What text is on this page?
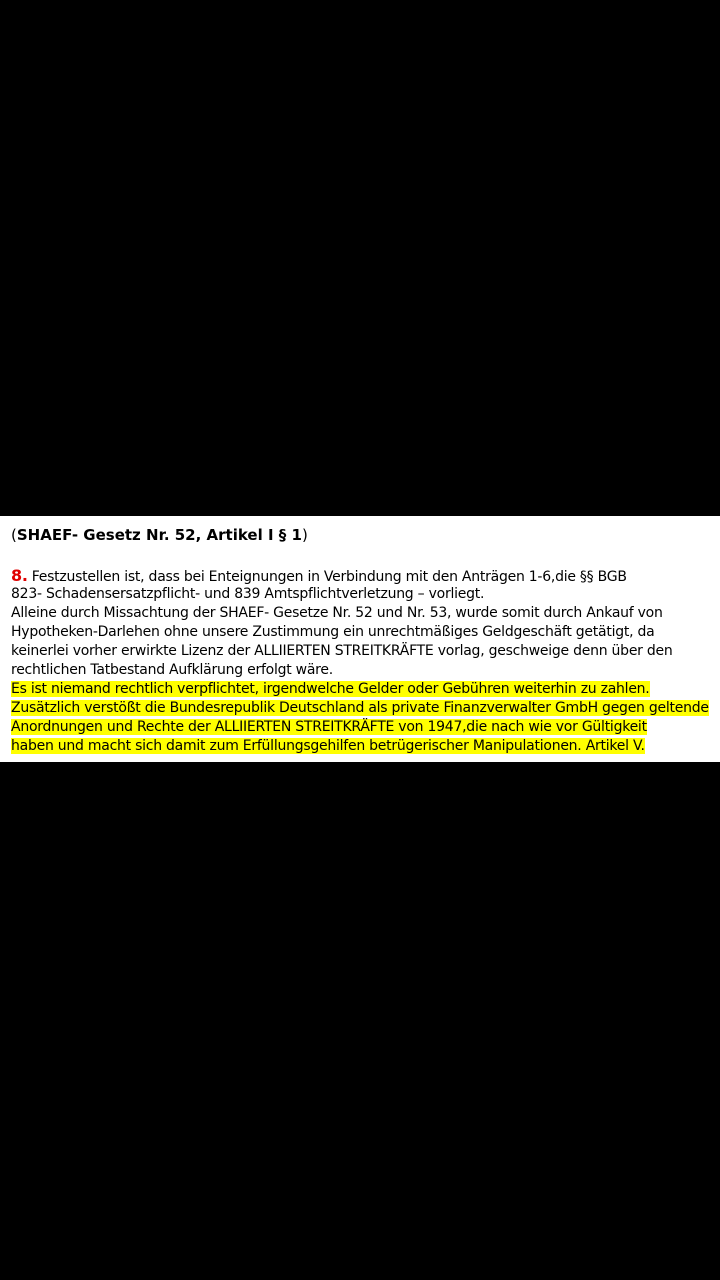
(SHAEF- Gesetz Nr. 52, Artikel I § 1)
8. Festzustellen ist, dass bei Enteignungen in Verbindung mit den Anträgen 1-6,die §§ BGB
823- Schadensersatzpflicht- und 839 Amtspflichtverletzung – vorliegt.
Alleine durch Missachtung der SHAEF- Gesetze Nr. 52 und Nr. 53, wurde somit durch Ankauf von
Hypotheken-Darlehen ohne unsere Zustimmung ein unrechtmäßiges Geldgeschäft getätigt, da
keinerlei vorher erwirkte Lizenz der ALLIIERTEN STREITKRÄFTE vorlag, geschweige denn über den
rechtlichen Tatbestand Aufklärung erfolgt wäre.
Es ist niemand rechtlich verpflichtet, irgendwelche Gelder oder Gebühren weiterhin zu zahlen.
Zusätzlich verstößt die Bundesrepublik Deutschland als private Finanzverwalter GmbH gegen geltende
Anordnungen und Rechte der ALLIIERTEN STREITKRÄFTE von 1947,die nach wie vor Gültigkeit
haben und macht sich damit zum Erfüllungsgehilfen betrügerischer Manipulationen. Artikel V.
